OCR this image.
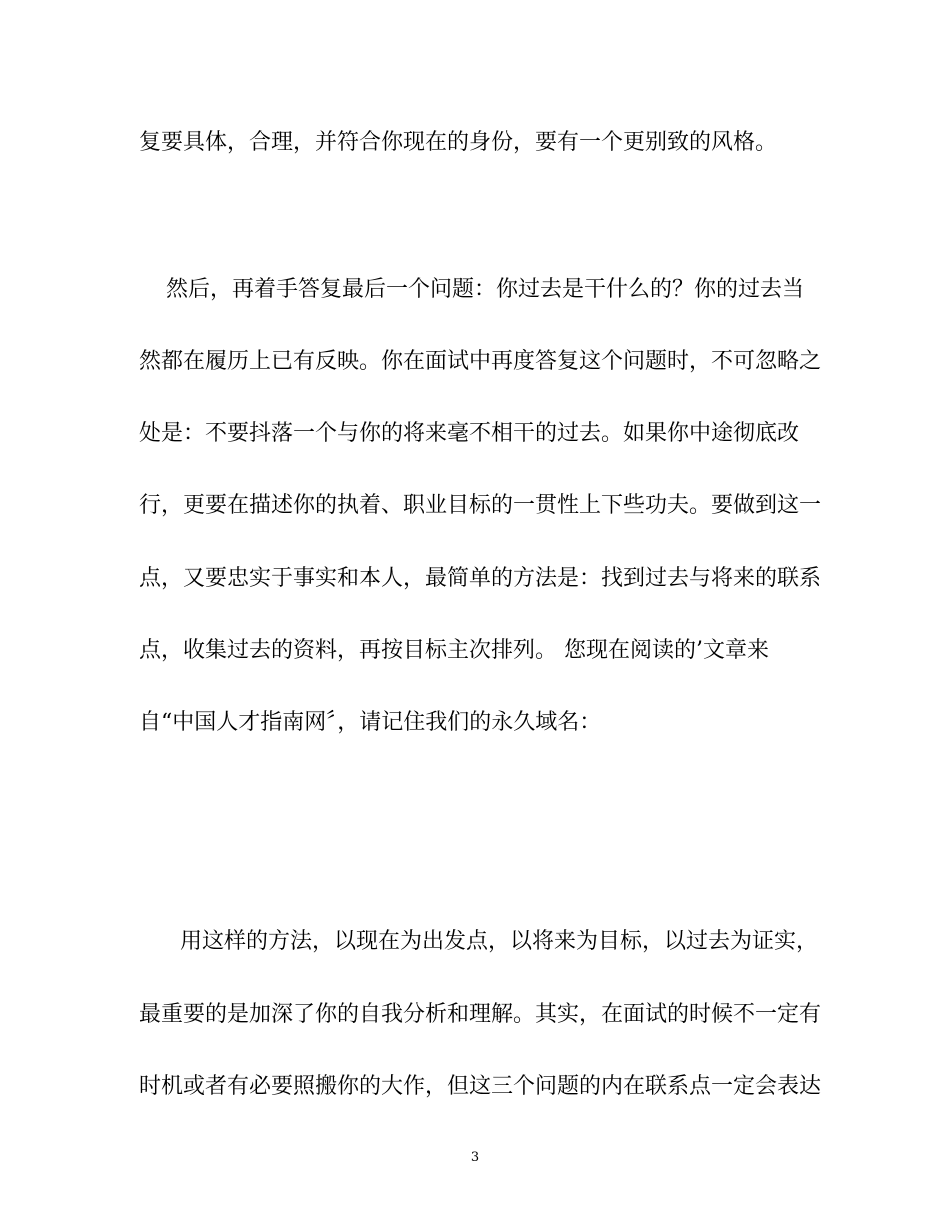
复要具体，合理，并符合你现在的身份，要有一个更别致的风格。
然后，再着手答复最后一个问题：你过去是干什么的？你的过去当
然都在履历上已有反映。你在面试中再度答复这个问题时，不可忽略之
处是：不要抖落一个与你的将来毫不相干的过去。如果你中途彻底改
行，更要在描述你的执着、职业目标的一贯性上下些功夫。要做到这一
点，又要忠实于事实和本人，最简单的方法是：找到过去与将来的联系
点，收集过去的资料，再按目标主次排列。 您现在阅读的’文章来
自“中国人才指南网〞，请记住我们的永久域名：
用这样的方法，以现在为出发点，以将来为目标，以过去为证实，
最重要的是加深了你的自我分析和理解。其实，在面试的时候不一定有
时机或者有必要照搬你的大作，但这三个问题的内在联系点一定会表达
3
